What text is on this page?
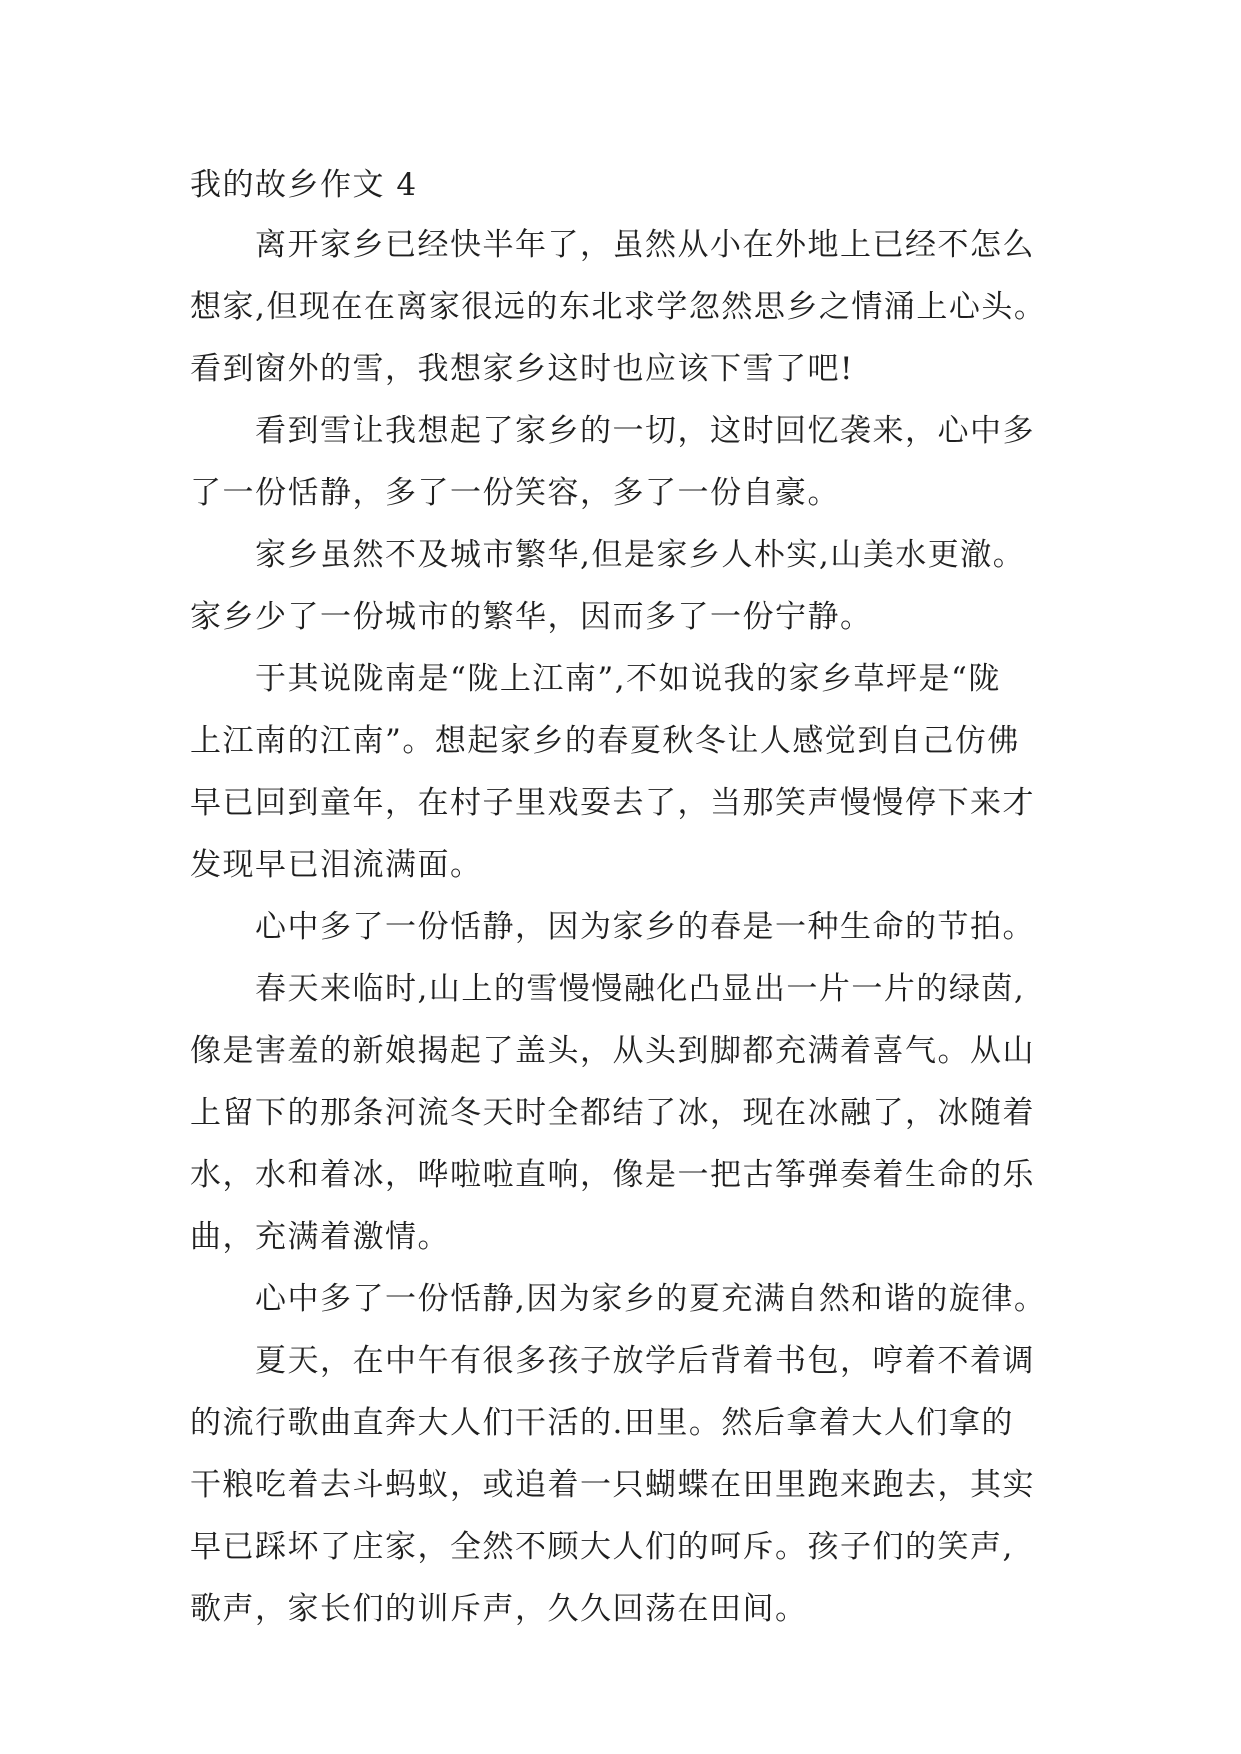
我的故乡作文 4
离开家乡已经快半年了，虽然从小在外地上已经不怎么
想家,但现在在离家很远的东北求学忽然思乡之情涌上心头。
看到窗外的雪，我想家乡这时也应该下雪了吧!
看到雪让我想起了家乡的一切，这时回忆袭来，心中多
了一份恬静，多了一份笑容，多了一份自豪。
家乡虽然不及城市繁华,但是家乡人朴实,山美水更澈。
家乡少了一份城市的繁华，因而多了一份宁静。
于其说陇南是“陇上江南”,不如说我的家乡草坪是“陇
上江南的江南”。想起家乡的春夏秋冬让人感觉到自己仿佛
早已回到童年，在村子里戏耍去了，当那笑声慢慢停下来才
发现早已泪流满面。
心中多了一份恬静，因为家乡的春是一种生命的节拍。
春天来临时,山上的雪慢慢融化凸显出一片一片的绿茵,
像是害羞的新娘揭起了盖头，从头到脚都充满着喜气。从山
上留下的那条河流冬天时全都结了冰，现在冰融了，冰随着
水，水和着冰，哗啦啦直响，像是一把古筝弹奏着生命的乐
曲，充满着激情。
心中多了一份恬静,因为家乡的夏充满自然和谐的旋律。
夏天，在中午有很多孩子放学后背着书包，哼着不着调
的流行歌曲直奔大人们干活的.田里。然后拿着大人们拿的
干粮吃着去斗蚂蚁，或追着一只蝴蝶在田里跑来跑去，其实
早已踩坏了庄家，全然不顾大人们的呵斥。孩子们的笑声,
歌声，家长们的训斥声，久久回荡在田间。
